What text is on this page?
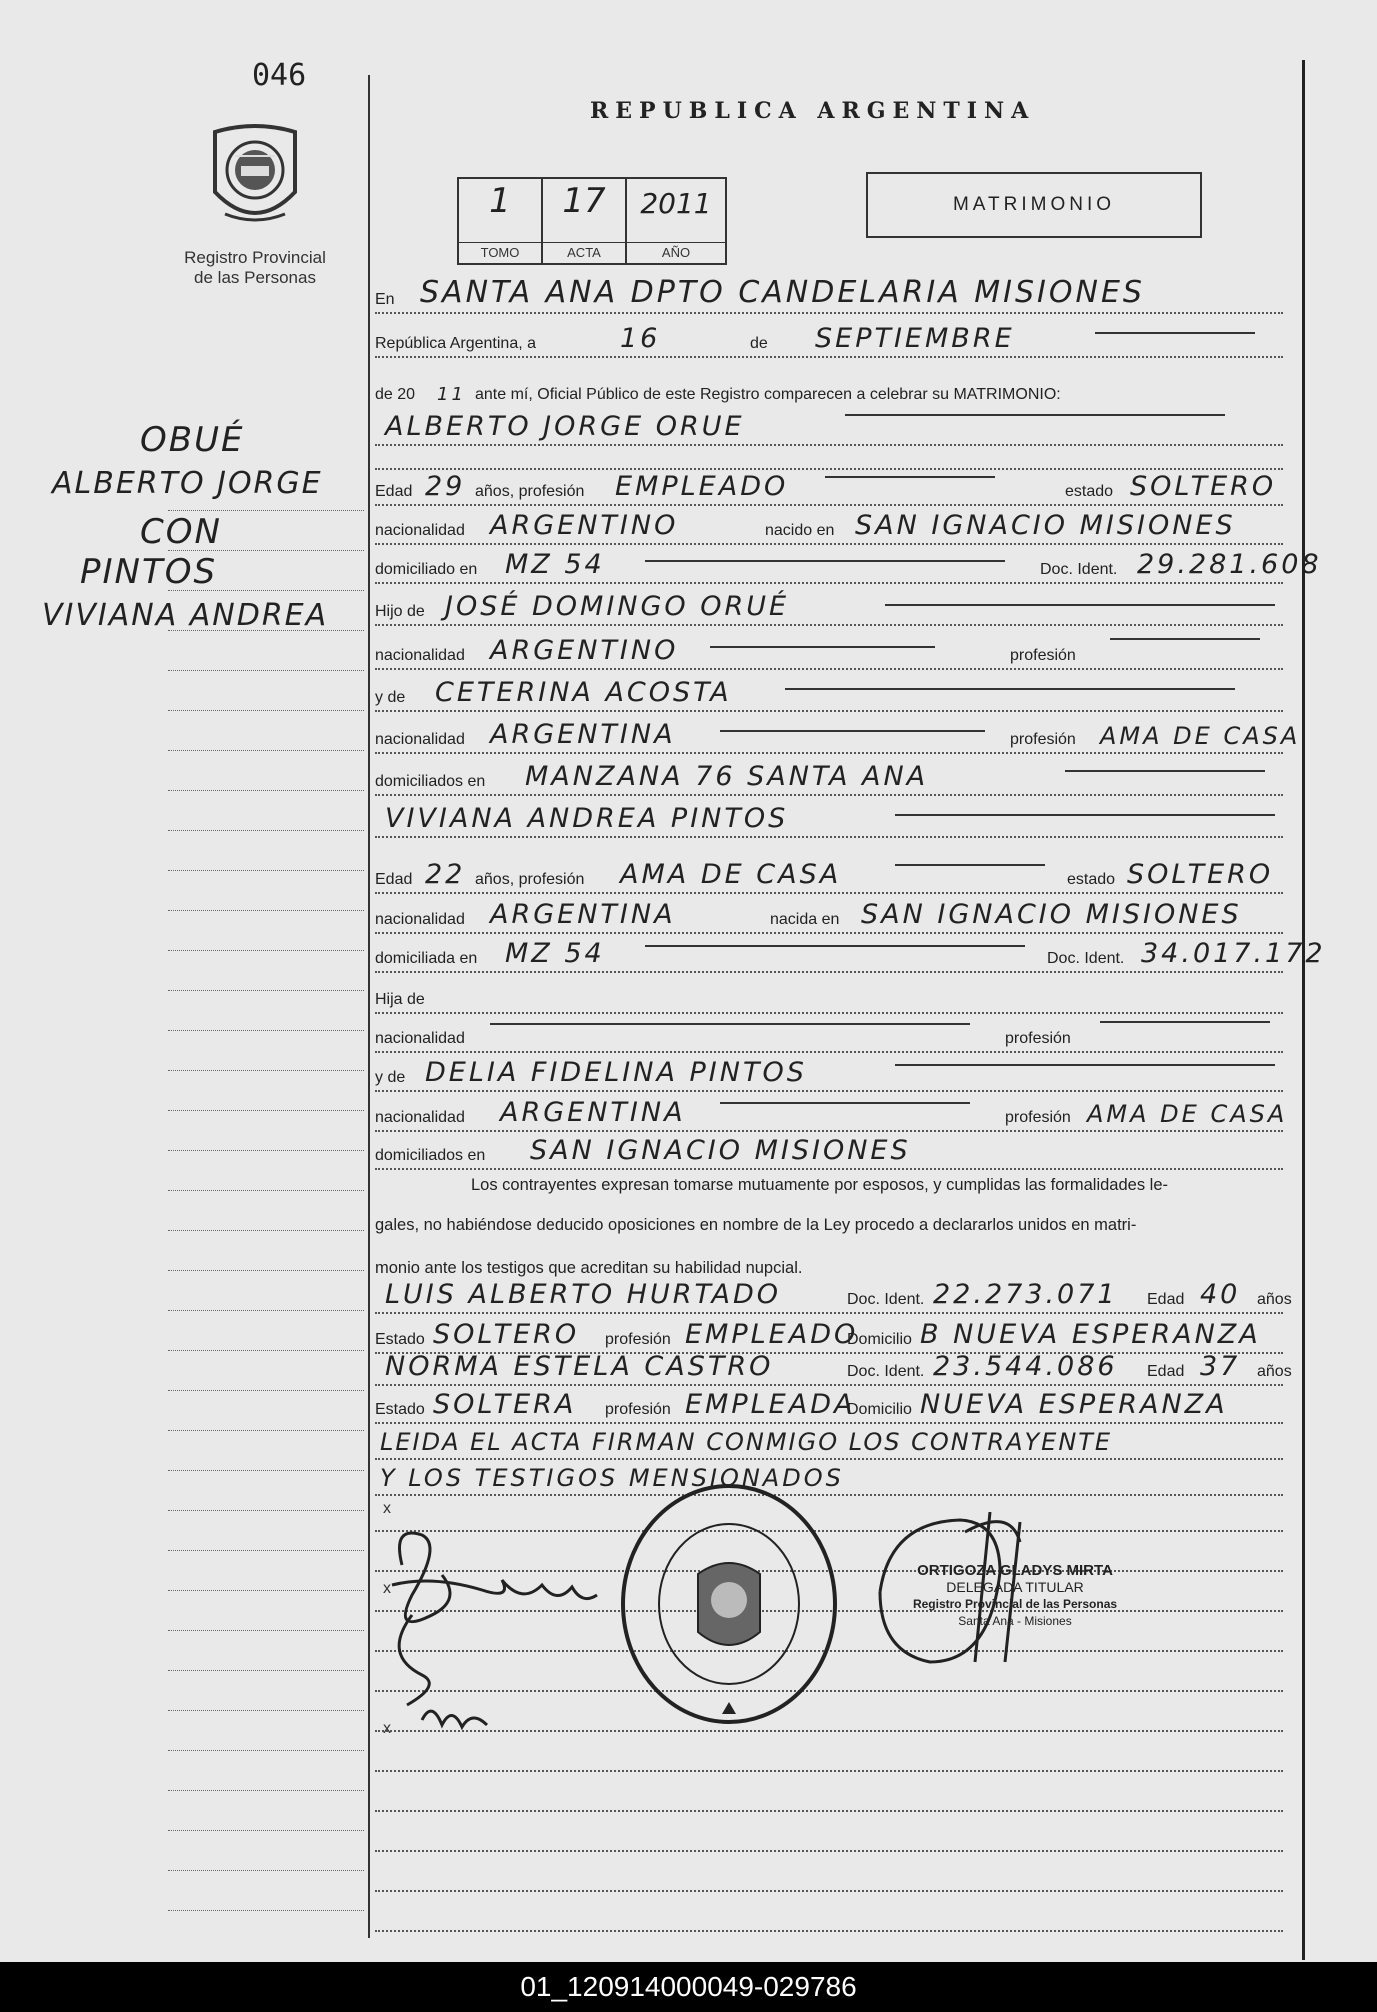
046
Registro Provincial
de las Personas
REPUBLICA ARGENTINA
1
TOMO
17
ACTA
2011
AÑO
MATRIMONIO
OBUÉ
ALBERTO JORGE
CON
PINTOS
VIVIANA ANDREA
En SANTA ANA DPTO CANDELARIA MISIONES
República Argentina, a	16	de SEPTIEMBRE
de 20 11 ante mí, Oficial Público de este Registro comparecen a celebrar su MATRIMONIO:
ALBERTO JORGE ORUE
Edad 29 años, profesión EMPLEADO	estado SOLTERO
nacionalidad ARGENTINO	nacido en SAN IGNACIO MISIONES
domiciliado en MZ 54	Doc. Ident. 29.281.608
Hijo de JOSÉ DOMINGO ORUÉ
nacionalidad ARGENTINO	profesión
y de CETERINA ACOSTA
nacionalidad ARGENTINA	profesión AMA DE CASA
domiciliados en MANZANA 76 SANTA ANA
VIVIANA ANDREA PINTOS
Edad 22 años, profesión AMA DE CASA	estado SOLTERO
nacionalidad ARGENTINA	nacida en SAN IGNACIO MISIONES
domiciliada en MZ 54	Doc. Ident. 34.017.172
Hija de
nacionalidad	profesión
y de DELIA FIDELINA PINTOS
nacionalidad ARGENTINA	profesión AMA DE CASA
domiciliados en SAN IGNACIO MISIONES
Los contrayentes expresan tomarse mutuamente por esposos, y cumplidas las formalidades le-
gales, no habiéndose deducido oposiciones en nombre de la Ley procedo a declararlos unidos en matri-
monio ante los testigos que acreditan su habilidad nupcial.
LUIS ALBERTO HURTADO	Doc. Ident. 22.273.071 Edad 40 años
Estado SOLTERO profesión EMPLEADO
Domicilio B NUEVA ESPERANZA
NORMA ESTELA CASTRO	Doc. Ident. 23.544.086 Edad 37 años
Estado SOLTERA profesión EMPLEADA
Domicilio NUEVA ESPERANZA
LEIDA EL ACTA FIRMAN CONMIGO LOS CONTRAYENTE
Y LOS TESTIGOS MENSIONADOS
x
x
x
ORTIGOZA GLADYS MIRTA
DELEGADA TITULAR
Registro Provincial de las Personas
Santa Ana - Misiones
01_120914000049-029786
